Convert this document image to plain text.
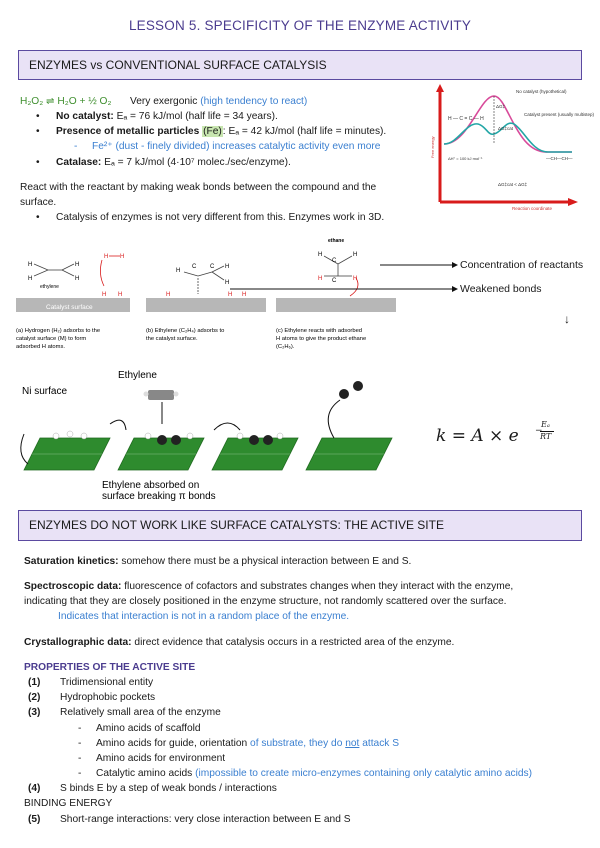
LESSON 5. SPECIFICITY OF THE ENZYME ACTIVITY
ENZYMES vs CONVENTIONAL SURFACE CATALYSIS
H₂O₂ ⇌ H₂O + ½ O₂ Very exergonic (high tendency to react)
• No catalyst: Eₐ = 76 kJ/mol (half life = 34 years).
• Presence of metallic particles (Fe): Eₐ = 42 kJ/mol (half life = minutes).
- Fe²⁺ (dust - finely divided) increases catalytic activity even more
• Catalase: Eₐ = 7 kJ/mol (4·10⁷ molec./sec/enzyme).
React with the reactant by making weak bonds between the compound and the
surface.
• Catalysis of enzymes is not very different from this. Enzymes work in 3D.
No catalyst (hypothetical)
Catalyst present (usually multistep)
Free energy
Reaction coordinate
ΔH° = 100 kJ mol⁻¹
ΔG‡cat < ΔG‡
ΔG‡
ΔG‡cat
H — C = C — H
—CH—CH—
Catalyst surface
H
H
H
H
ethylene
H H
H H
H
C C H
H
H	H H
ethane
H	H
C
C
H	H
(a) Hydrogen (H₂) adsorbs to the
catalyst surface (M) to form
adsorbed H atoms.
(b) Ethylene (C₂H₄) adsorbs to
the catalyst surface.
(c) Ethylene reacts with adsorbed
H atoms to give the product ethane
(C₂H₆).
Concentration of reactants
Weakened bonds
↓
Ni surface
Ethylene
Ethylene absorbed on
surface breaking π bonds
k = A × e −
Eₐ
RT
ENZYMES DO NOT WORK LIKE SURFACE CATALYSTS: THE ACTIVE SITE
Saturation kinetics: somehow there must be a physical interaction between E and S.
Spectroscopic data: fluorescence of cofactors and substrates changes when they interact with the enzyme,
indicating that they are closely positioned in the enzyme structure, not randomly scattered over the surface.
Indicates that interaction is not in a random place of the enzyme.
Crystallographic data: direct evidence that catalysis occurs in a restricted area of the enzyme.
PROPERTIES OF THE ACTIVE SITE
(1) Tridimensional entity
(2) Hydrophobic pockets
(3) Relatively small area of the enzyme
- Amino acids of scaffold
- Amino acids for guide, orientation of substrate, they do not attack S
- Amino acids for environment
- Catalytic amino acids (impossible to create micro-enzymes containing only catalytic amino acids)
(4) S binds E by a step of weak bonds / interactions
BINDING ENERGY
(5) Short-range interactions: very close interaction between E and S
